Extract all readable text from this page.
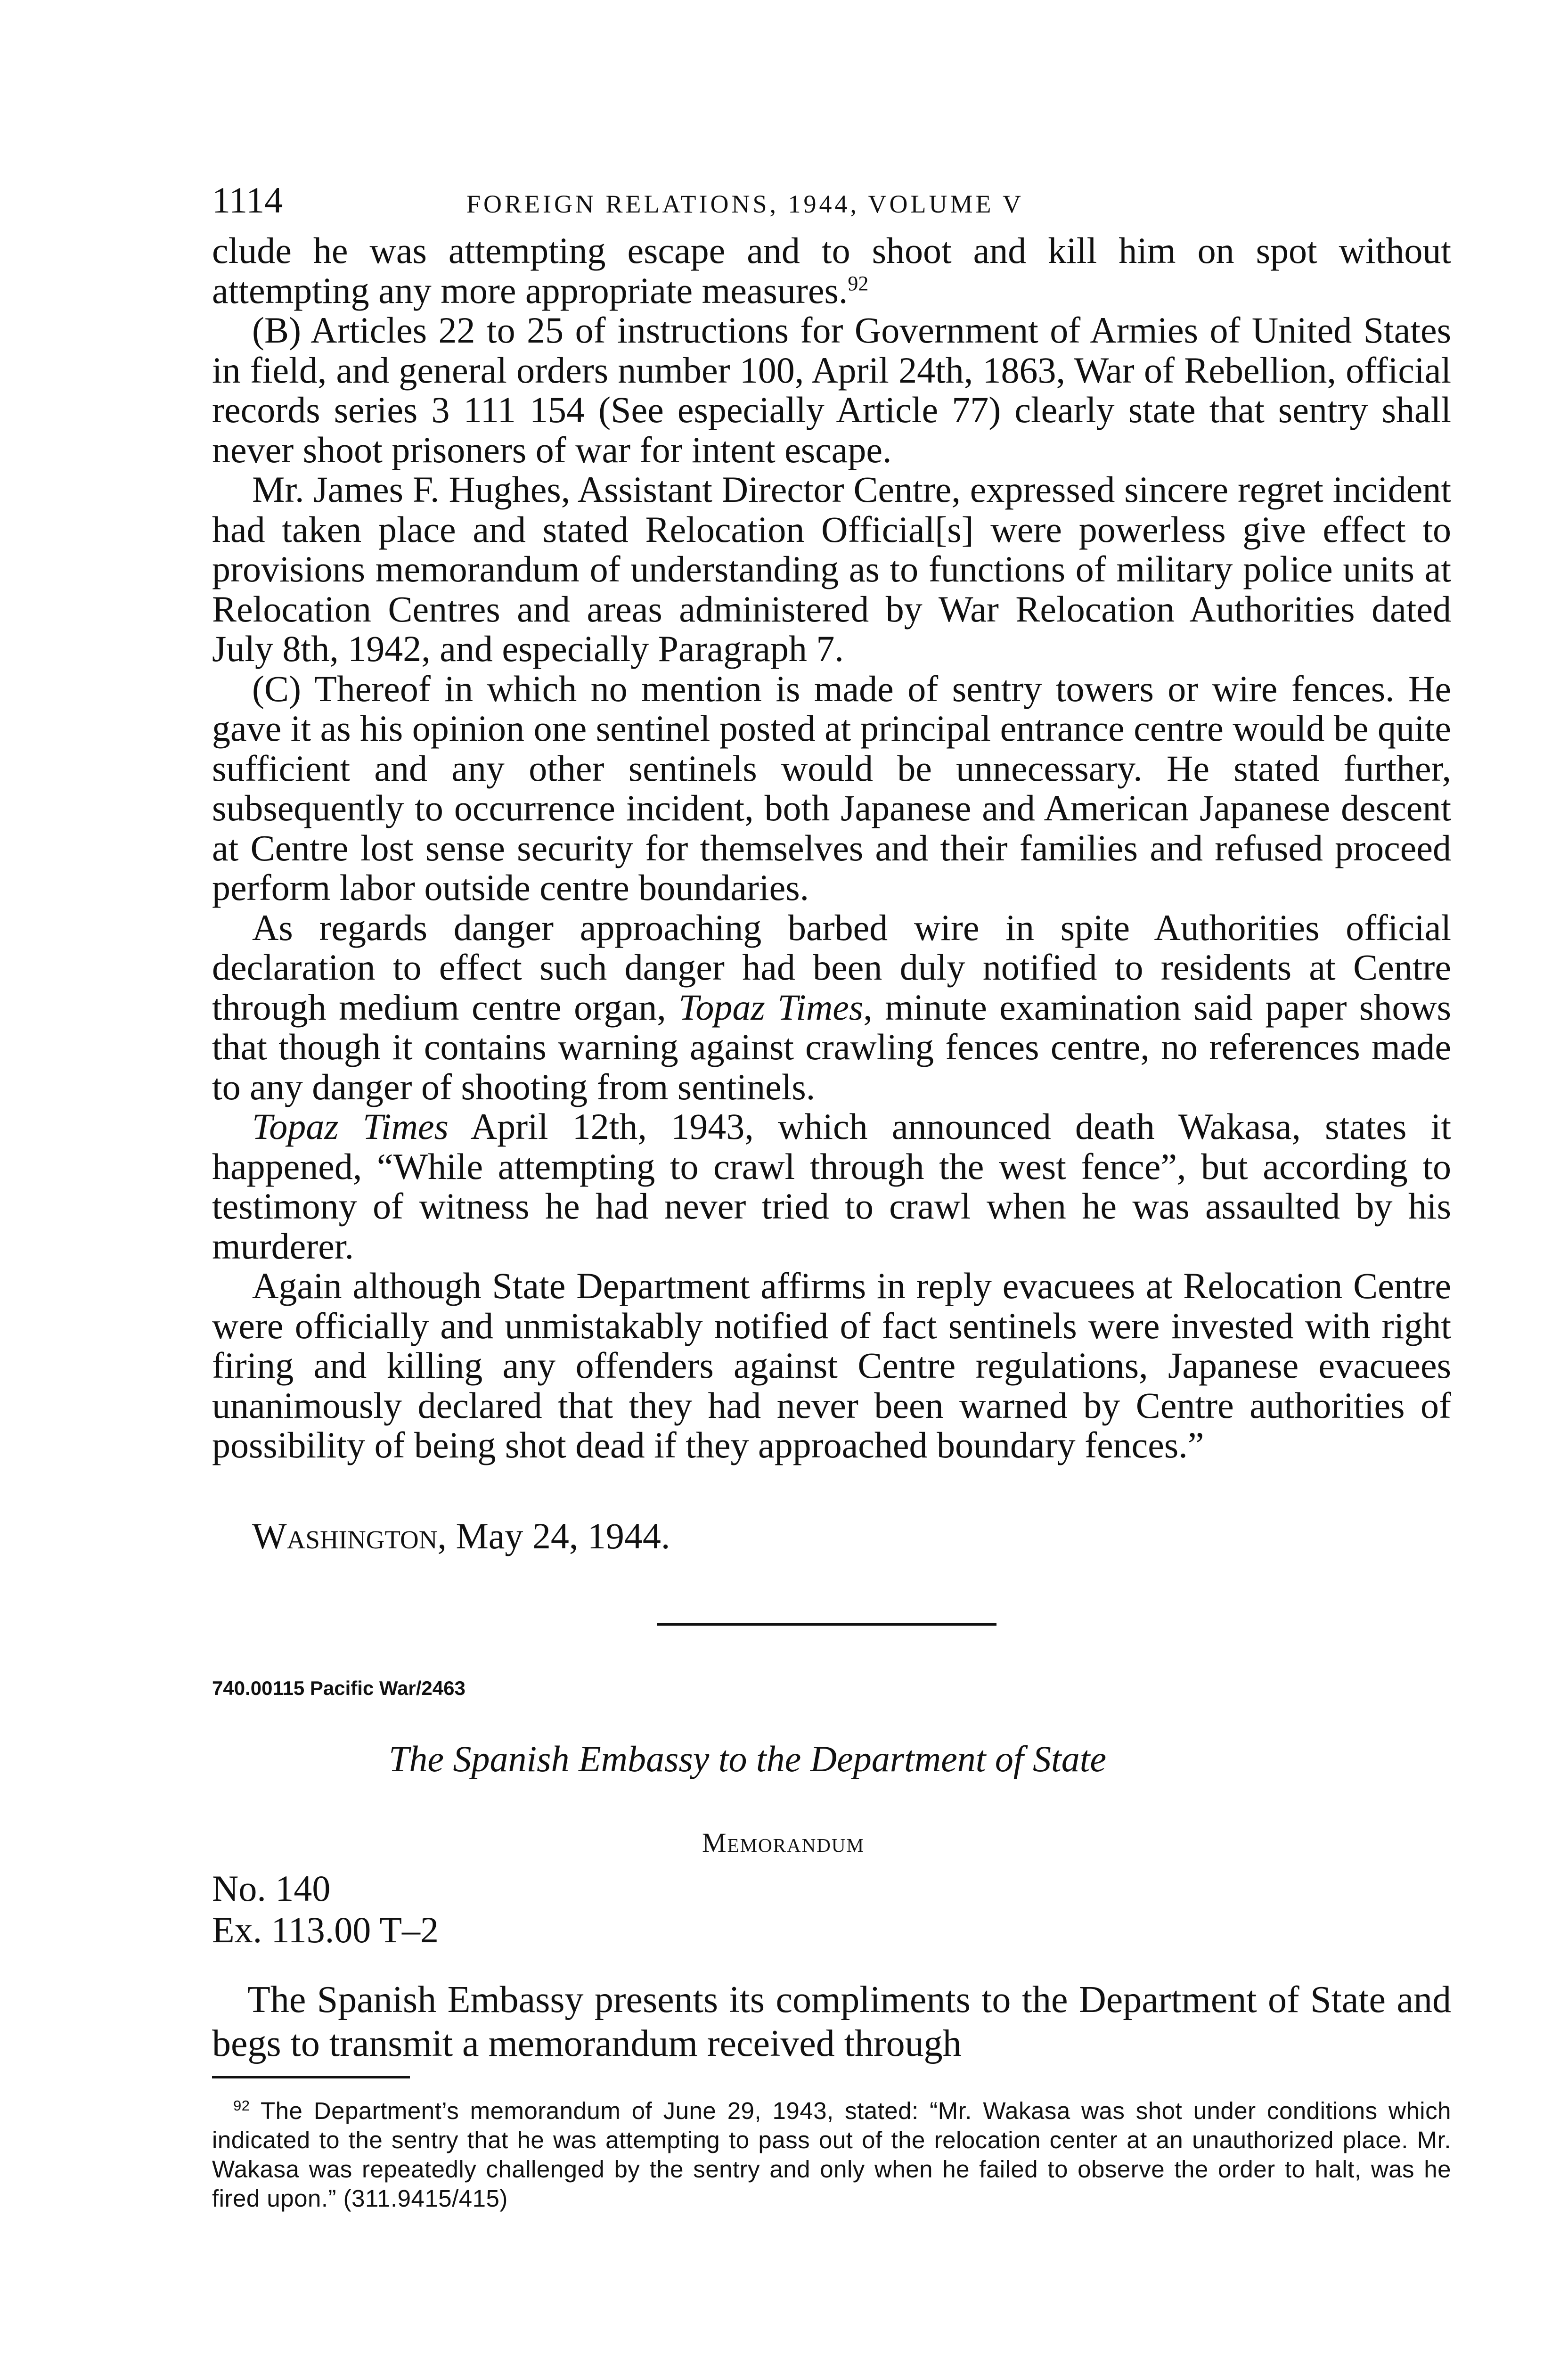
1114	FOREIGN RELATIONS, 1944, VOLUME V

clude he was attempting escape and to shoot and kill him on spot without attempting any more appropriate measures.$^{92}$

(B) Articles 22 to 25 of instructions for Government of Armies of United States in field, and general orders number 100, April 24th, 1863, War of Rebellion, official records series 3 111 154 (See especially Article 77) clearly state that sentry shall never shoot prisoners of war for intent escape.

Mr. James F. Hughes, Assistant Director Centre, expressed sincere regret incident had taken place and stated Relocation Official[s] were powerless give effect to provisions memorandum of understanding as to functions of military police units at Relocation Centres and areas administered by War Relocation Authorities dated July 8th, 1942, and especially Paragraph 7.

(C) Thereof in which no mention is made of sentry towers or wire fences. He gave it as his opinion one sentinel posted at principal entrance centre would be quite sufficient and any other sentinels would be unnecessary. He stated further, subsequently to occurrence incident, both Japanese and American Japanese descent at Centre lost sense security for themselves and their families and refused proceed perform labor outside centre boundaries.

As regards danger approaching barbed wire in spite Authorities official declaration to effect such danger had been duly notified to residents at Centre through medium centre organ, Topaz Times, minute examination said paper shows that though it contains warning against crawling fences centre, no references made to any danger of shooting from sentinels.

Topaz Times April 12th, 1943, which announced death Wakasa, states it happened, “While attempting to crawl through the west fence”, but according to testimony of witness he had never tried to crawl when he was assaulted by his murderer.

Again although State Department affirms in reply evacuees at Relocation Centre were officially and unmistakably notified of fact sentinels were invested with right firing and killing any offenders against Centre regulations, Japanese evacuees unanimously declared that they had never been warned by Centre authorities of possibility of being shot dead if they approached boundary fences.”

Washington, May 24, 1944.
740.00115 Pacific War/2463
The Spanish Embassy to the Department of State
Memorandum
No. 140
Ex. 113.00 T–2

The Spanish Embassy presents its compliments to the Department of State and begs to transmit a memorandum received through

$^{92}$ The Department’s memorandum of June 29, 1943, stated: “Mr. Wakasa was shot under conditions which indicated to the sentry that he was attempting to pass out of the relocation center at an unauthorized place. Mr. Wakasa was repeatedly challenged by the sentry and only when he failed to observe the order to halt, was he fired upon.” (311.9415/415)
